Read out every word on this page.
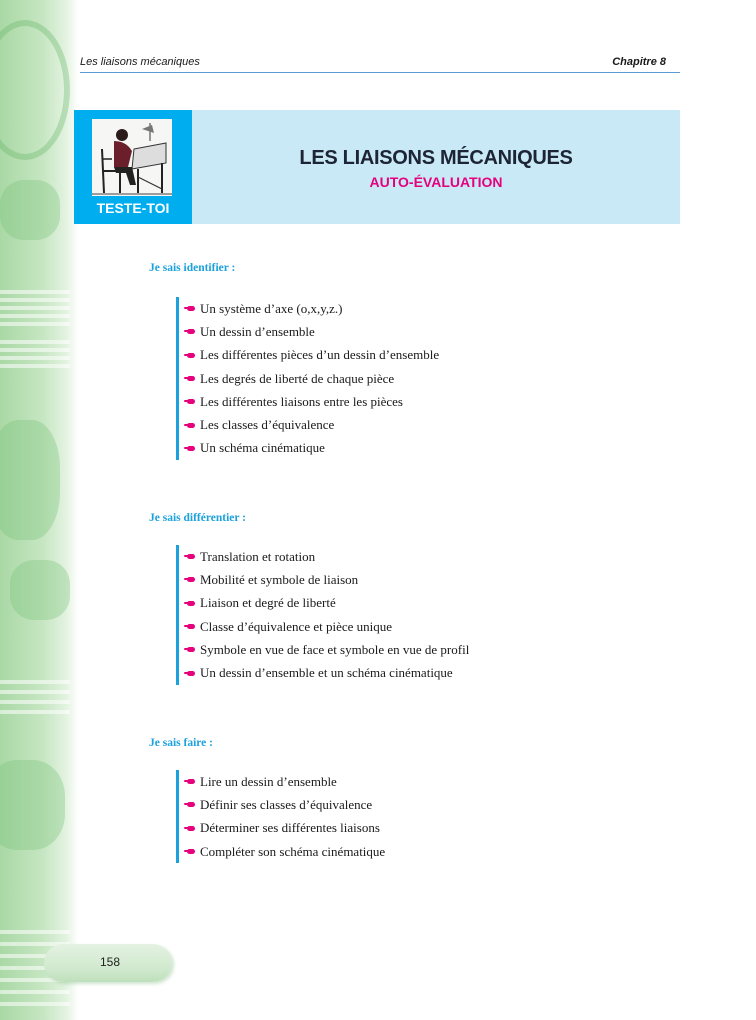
Les liaisons mécaniques	Chapitre 8
TESTE-TOI
LES LIAISONS MÉCANIQUES
AUTO-ÉVALUATION
Je sais identifier :
Un système d’axe (o,x,y,z.)
Un dessin d’ensemble
Les différentes pièces d’un dessin d’ensemble
Les degrés de liberté de chaque pièce
Les différentes liaisons entre les pièces
Les classes d’équivalence
Un schéma cinématique
Je sais différentier :
Translation et rotation
Mobilité et symbole de liaison
Liaison et degré de liberté
Classe d’équivalence et pièce unique
Symbole en vue de face et symbole en vue de profil
Un dessin d’ensemble et un schéma cinématique
Je sais faire :
Lire un dessin d’ensemble
Définir ses classes d’équivalence
Déterminer ses différentes liaisons
Compléter son schéma cinématique
158
